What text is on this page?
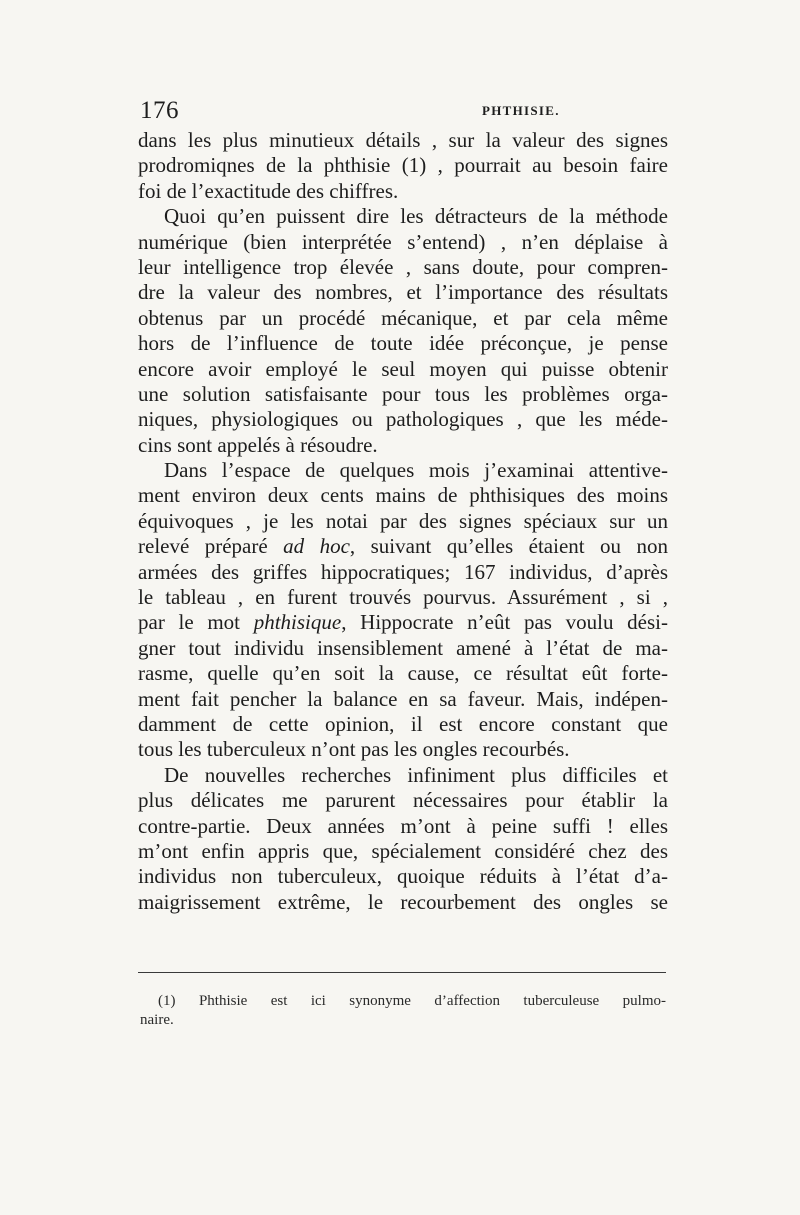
176	PHTHISIE.
dans les plus minutieux détails , sur la valeur des signes
prodromiqnes de la phthisie (1) , pourrait au besoin faire
foi de l’exactitude des chiffres.
Quoi qu’en puissent dire les détracteurs de la méthode
numérique (bien interprétée s’entend) , n’en déplaise à
leur intelligence trop élevée , sans doute, pour compren-
dre la valeur des nombres, et l’importance des résultats
obtenus par un procédé mécanique, et par cela même
hors de l’influence de toute idée préconçue, je pense
encore avoir employé le seul moyen qui puisse obtenir
une solution satisfaisante pour tous les problèmes orga-
niques, physiologiques ou pathologiques , que les méde-
cins sont appelés à résoudre.
Dans l’espace de quelques mois j’examinai attentive-
ment environ deux cents mains de phthisiques des moins
équivoques , je les notai par des signes spéciaux sur un
relevé préparé ad hoc, suivant qu’elles étaient ou non
armées des griffes hippocratiques; 167 individus, d’après
le tableau , en furent trouvés pourvus. Assurément , si ,
par le mot phthisique, Hippocrate n’eût pas voulu dési-
gner tout individu insensiblement amené à l’état de ma-
rasme, quelle qu’en soit la cause, ce résultat eût forte-
ment fait pencher la balance en sa faveur. Mais, indépen-
damment de cette opinion, il est encore constant que
tous les tuberculeux n’ont pas les ongles recourbés.
De nouvelles recherches infiniment plus difficiles et
plus délicates me parurent nécessaires pour établir la
contre-partie. Deux années m’ont à peine suffi ! elles
m’ont enfin appris que, spécialement considéré chez des
individus non tuberculeux, quoique réduits à l’état d’a-
maigrissement extrême, le recourbement des ongles se
(1) Phthisie est ici synonyme d’affection tuberculeuse pulmo-
naire.
